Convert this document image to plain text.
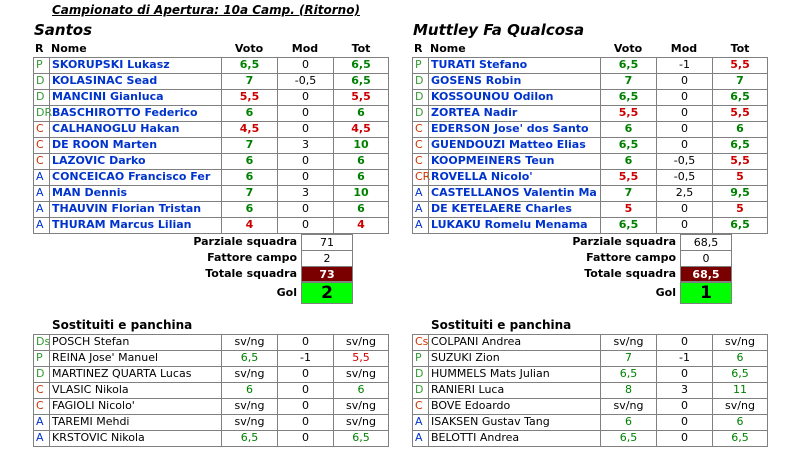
Campionato di Apertura: 10a Camp. (Ritorno)
Santos
R Nome	Voto	Mod	Tot
P SKORUPSKI Lukasz	6,5	0	6,5
D KOLASINAC Sead	7	-0,5	6,5
D MANCINI Gianluca	5,5	0	5,5
DR BASCHIROTTO Federico	6	0	6
C CALHANOGLU Hakan	4,5	0	4,5
C DE ROON Marten	7	3	10
C LAZOVIC Darko	6	0	6
A CONCEICAO Francisco Fer	6	0	6
A MAN Dennis	7	3	10
A THAUVIN Florian Tristan	6	0	6
A THURAM Marcus Lilian	4	0	4
Parziale squadra	71
Fattore campo	2
Totale squadra	73
Gol	2
Muttley Fa Qualcosa
R Nome	Voto	Mod	Tot
P TURATI Stefano	6,5	-1	5,5
D GOSENS Robin	7	0	7
D KOSSOUNOU Odilon	6,5	0	6,5
D ZORTEA Nadir	5,5	0	5,5
C EDERSON Jose' dos Santo	6	0	6
C GUENDOUZI Matteo Elias	6,5	0	6,5
C KOOPMEINERS Teun	6	-0,5	5,5
CR ROVELLA Nicolo'	5,5	-0,5	5
A CASTELLANOS Valentin Ma	7	2,5	9,5
A DE KETELAERE Charles	5	0	5
A LUKAKU Romelu Menama	6,5	0	6,5
Parziale squadra	68,5
Fattore campo	0
Totale squadra	68,5
Gol	1
Sostituiti e panchina
Ds POSCH Stefan	sv/ng	0	sv/ng
P REINA Jose' Manuel	6,5	-1	5,5
D MARTINEZ QUARTA Lucas	sv/ng	0	sv/ng
C VLASIC Nikola	6	0	6
C FAGIOLI Nicolo'	sv/ng	0	sv/ng
A TAREMI Mehdi	sv/ng	0	sv/ng
A KRSTOVIC Nikola	6,5	0	6,5
Sostituiti e panchina
Cs COLPANI Andrea	sv/ng	0	sv/ng
P SUZUKI Zion	7	-1	6
D HUMMELS Mats Julian	6,5	0	6,5
D RANIERI Luca	8	3	11
C BOVE Edoardo	sv/ng	0	sv/ng
A ISAKSEN Gustav Tang	6	0	6
A BELOTTI Andrea	6,5	0	6,5
